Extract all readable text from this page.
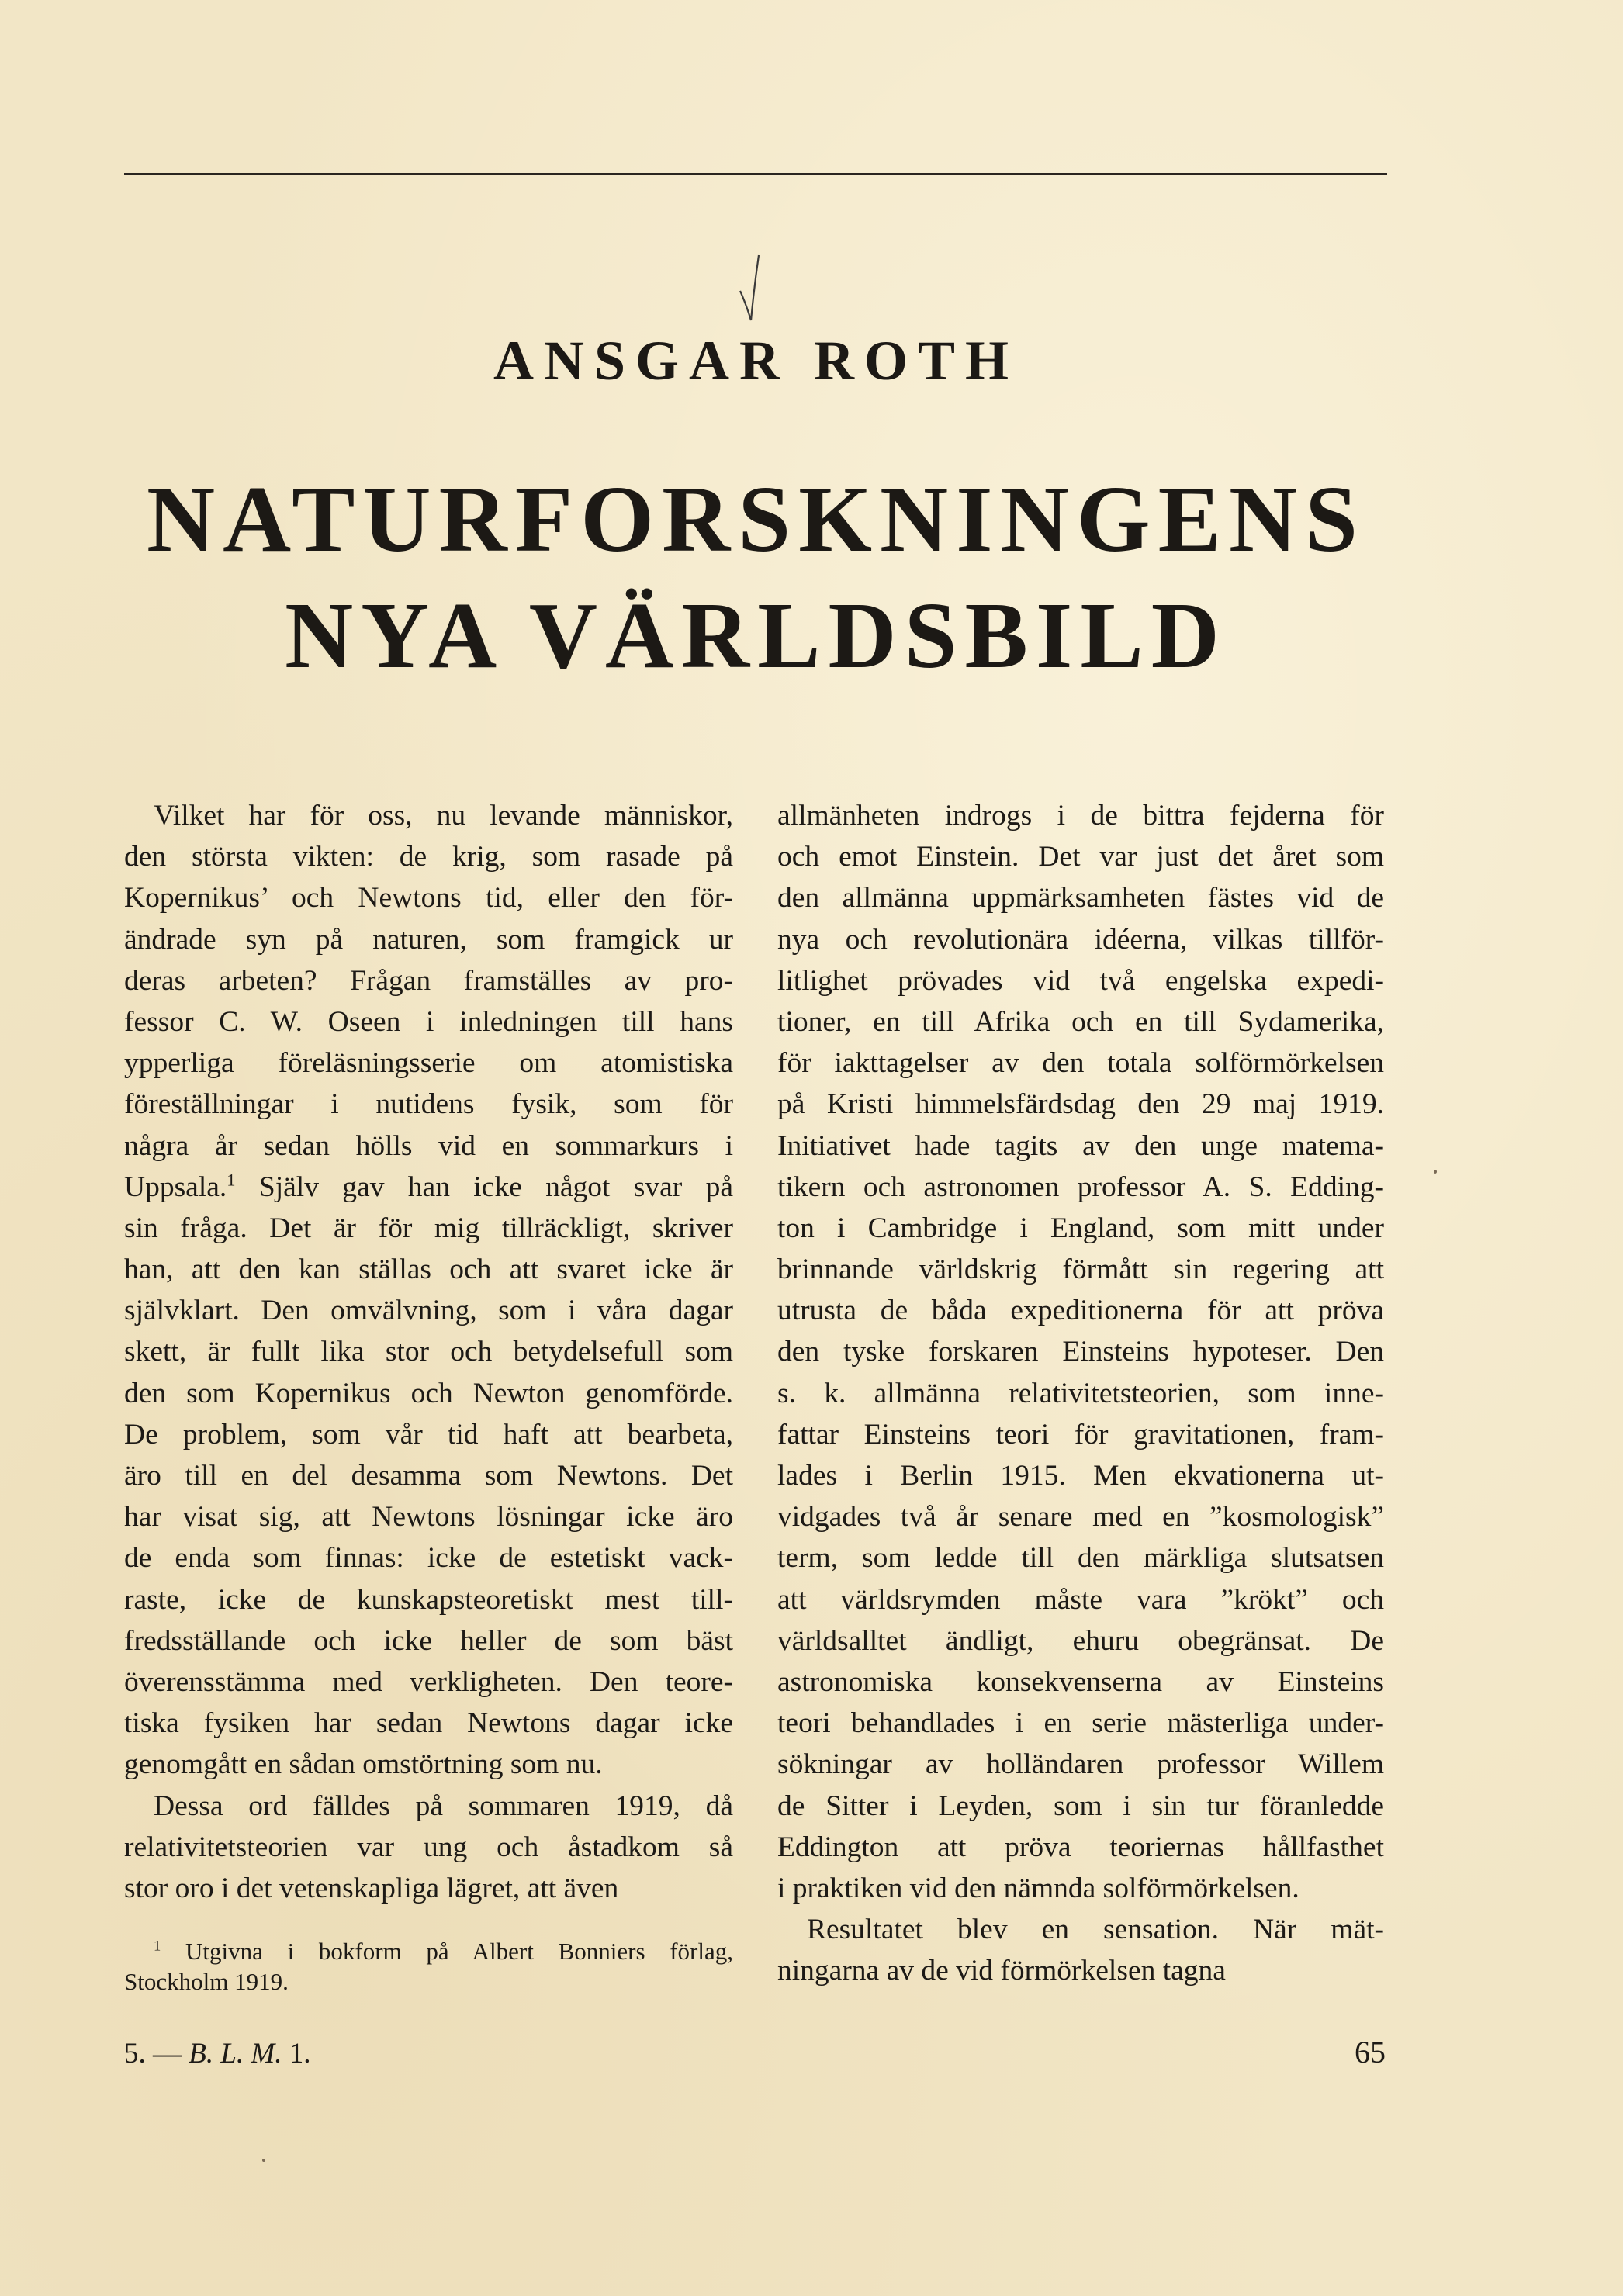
ANSGAR ROTH
NATURFORSKNINGENS
NYA VÄRLDSBILD
Vilket har för oss, nu levande människor,
den största vikten: de krig, som rasade på
Kopernikus’ och Newtons tid, eller den för-
ändrade syn på naturen, som framgick ur
deras arbeten? Frågan framställes av pro-
fessor C. W. Oseen i inledningen till hans
ypperliga föreläsningsserie om atomistiska
föreställningar i nutidens fysik, som för
några år sedan hölls vid en sommarkurs i
Uppsala.$^1$ Själv gav han icke något svar på
sin fråga. Det är för mig tillräckligt, skriver
han, att den kan ställas och att svaret icke är
självklart. Den omvälvning, som i våra dagar
skett, är fullt lika stor och betydelsefull som
den som Kopernikus och Newton genomförde.
De problem, som vår tid haft att bearbeta,
äro till en del desamma som Newtons. Det
har visat sig, att Newtons lösningar icke äro
de enda som finnas: icke de estetiskt vack-
raste, icke de kunskapsteoretiskt mest till-
fredsställande och icke heller de som bäst
överensstämma med verkligheten. Den teore-
tiska fysiken har sedan Newtons dagar icke
genomgått en sådan omstörtning som nu.
Dessa ord fälldes på sommaren 1919, då
relativitetsteorien var ung och åstadkom så
stor oro i det vetenskapliga lägret, att även
allmänheten indrogs i de bittra fejderna för
och emot Einstein. Det var just det året som
den allmänna uppmärksamheten fästes vid de
nya och revolutionära idéerna, vilkas tillför-
litlighet prövades vid två engelska expedi-
tioner, en till Afrika och en till Sydamerika,
för iakttagelser av den totala solförmörkelsen
på Kristi himmelsfärdsdag den 29 maj 1919.
Initiativet hade tagits av den unge matema-
tikern och astronomen professor A. S. Edding-
ton i Cambridge i England, som mitt under
brinnande världskrig förmått sin regering att
utrusta de båda expeditionerna för att pröva
den tyske forskaren Einsteins hypoteser. Den
s. k. allmänna relativitetsteorien, som inne-
fattar Einsteins teori för gravitationen, fram-
lades i Berlin 1915. Men ekvationerna ut-
vidgades två år senare med en ”kosmologisk”
term, som ledde till den märkliga slutsatsen
att världsrymden måste vara ”krökt” och
världsalltet ändligt, ehuru obegränsat. De
astronomiska konsekvenserna av Einsteins
teori behandlades i en serie mästerliga under-
sökningar av holländaren professor Willem
de Sitter i Leyden, som i sin tur föranledde
Eddington att pröva teoriernas hållfasthet
i praktiken vid den nämnda solförmörkelsen.
Resultatet blev en sensation. När mät-
ningarna av de vid förmörkelsen tagna
$^1$ Utgivna i bokform på Albert Bonniers förlag,
Stockholm 1919.
5. — B. L. M. 1.	65
